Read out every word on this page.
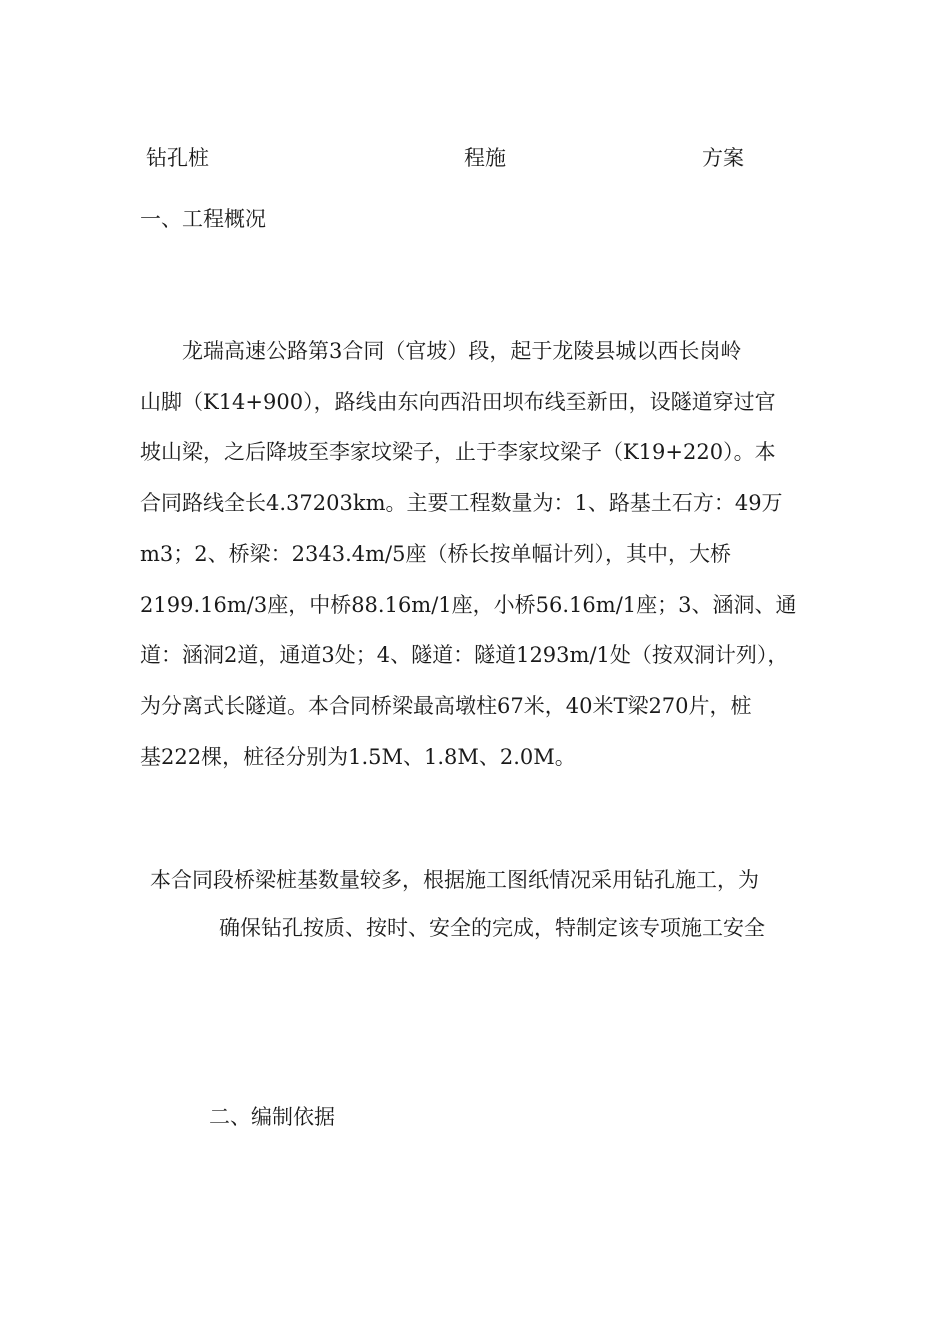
钻孔桩	程施	方案
一、工程概况
　　龙瑞高速公路第3合同（官坡）段，起于龙陵县城以西长岗岭
山脚（K14+900），路线由东向西沿田坝布线至新田，设隧道穿过官
坡山梁，之后降坡至李家坟梁子，止于李家坟梁子（K19+220）。本
合同路线全长4.37203km。主要工程数量为：1、路基土石方：49万
m3；2、桥梁：2343.4m/5座（桥长按单幅计列），其中，大桥
2199.16m/3座，中桥88.16m/1座，小桥56.16m/1座；3、涵洞、通
道：涵洞2道，通道3处；4、隧道：隧道1293m/1处（按双洞计列），
为分离式长隧道。本合同桥梁最高墩柱67米，40米T梁270片，桩
基222棵，桩径分别为1.5M、1.8M、2.0M。
本合同段桥梁桩基数量较多，根据施工图纸情况采用钻孔施工，为
确保钻孔按质、按时、安全的完成，特制定该专项施工安全
二、编制依据
